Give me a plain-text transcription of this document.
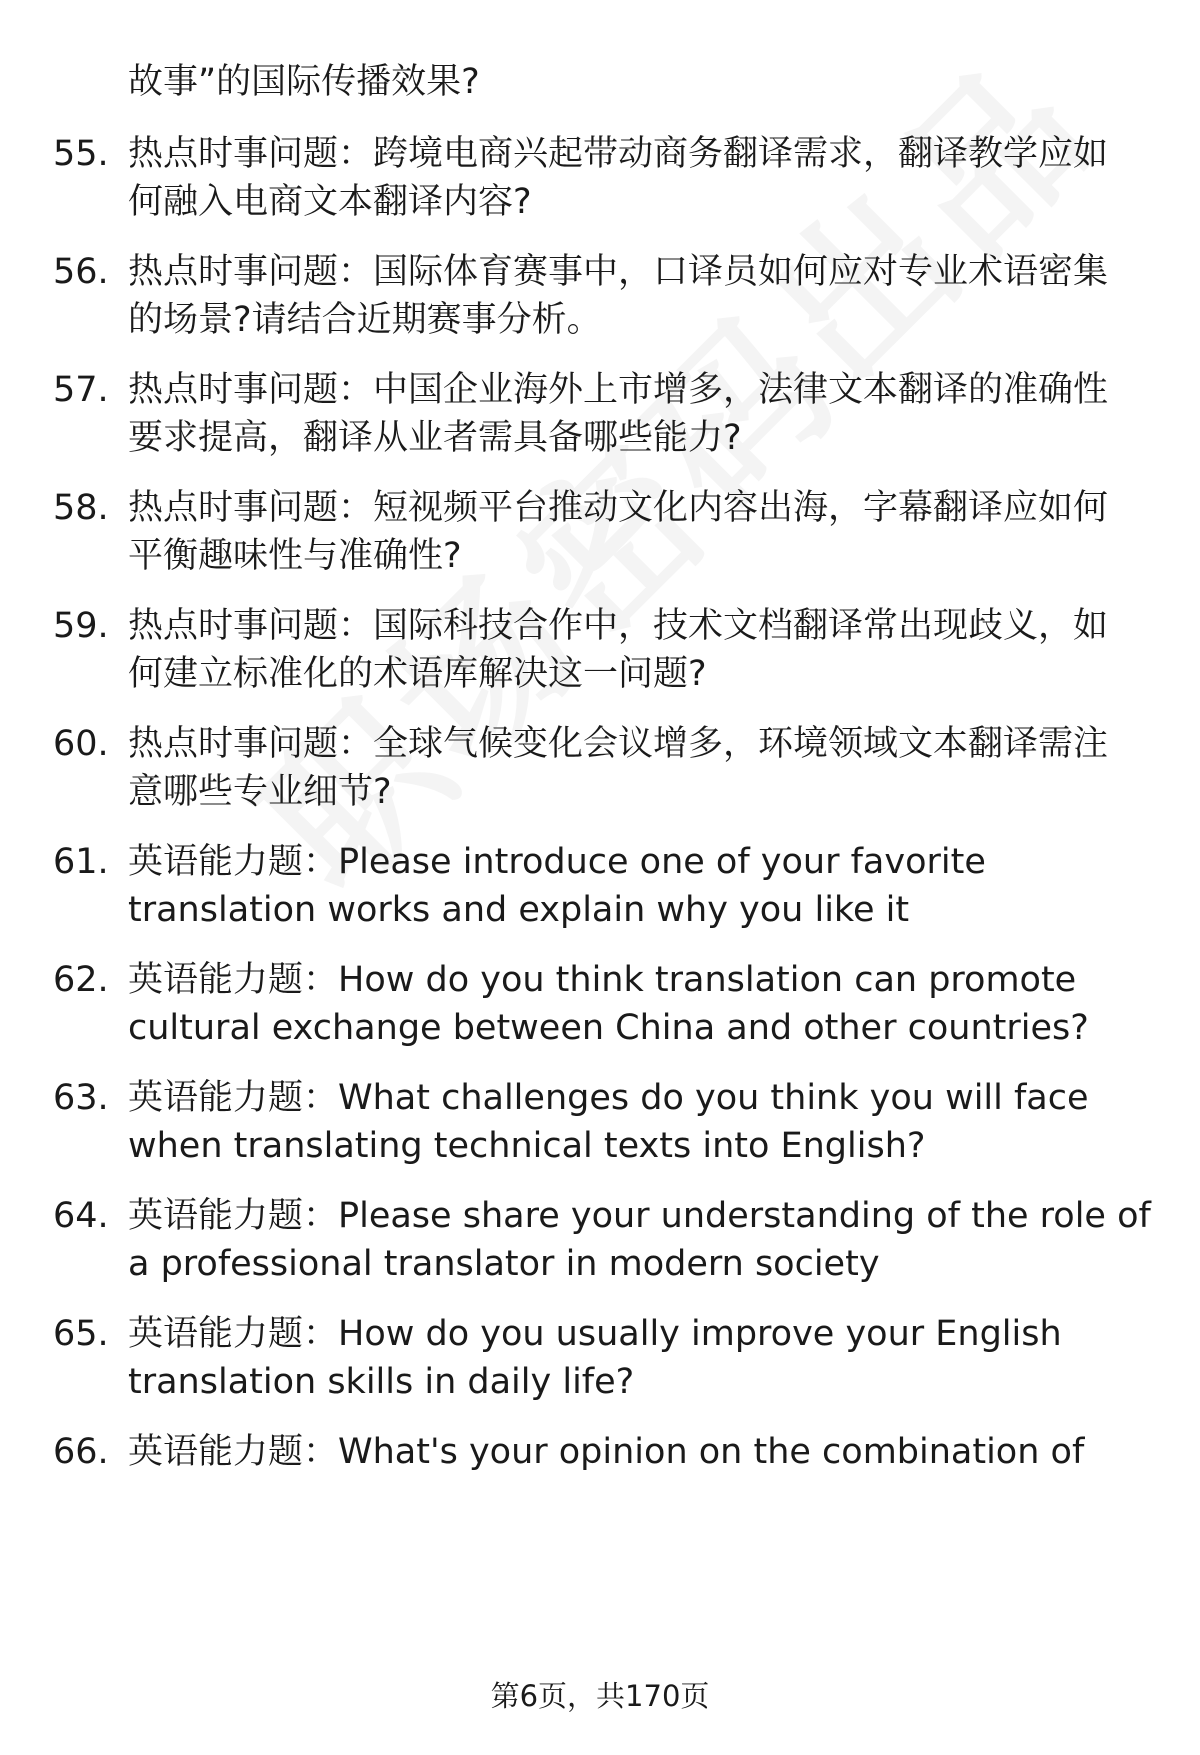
故事”的国际传播效果?
55. 热点时事问题：跨境电商兴起带动商务翻译需求，翻译教学应如
何融入电商文本翻译内容?
56. 热点时事问题：国际体育赛事中，口译员如何应对专业术语密集
的场景?请结合近期赛事分析。
57. 热点时事问题：中国企业海外上市增多，法律文本翻译的准确性
要求提高，翻译从业者需具备哪些能力?
58. 热点时事问题：短视频平台推动文化内容出海，字幕翻译应如何
平衡趣味性与准确性?
59. 热点时事问题：国际科技合作中，技术文档翻译常出现歧义，如
何建立标准化的术语库解决这一问题?
60. 热点时事问题：全球气候变化会议增多，环境领域文本翻译需注
意哪些专业细节?
61. 英语能力题：Please introduce one of your favorite
translation works and explain why you like it
62. 英语能力题：How do you think translation can promote
cultural exchange between China and other countries?
63. 英语能力题：What challenges do you think you will face
when translating technical texts into English?
64. 英语能力题：Please share your understanding of the role of
a professional translator in modern society
65. 英语能力题：How do you usually improve your English
translation skills in daily life?
66. 英语能力题：What's your opinion on the combination of
第6页，共170页
